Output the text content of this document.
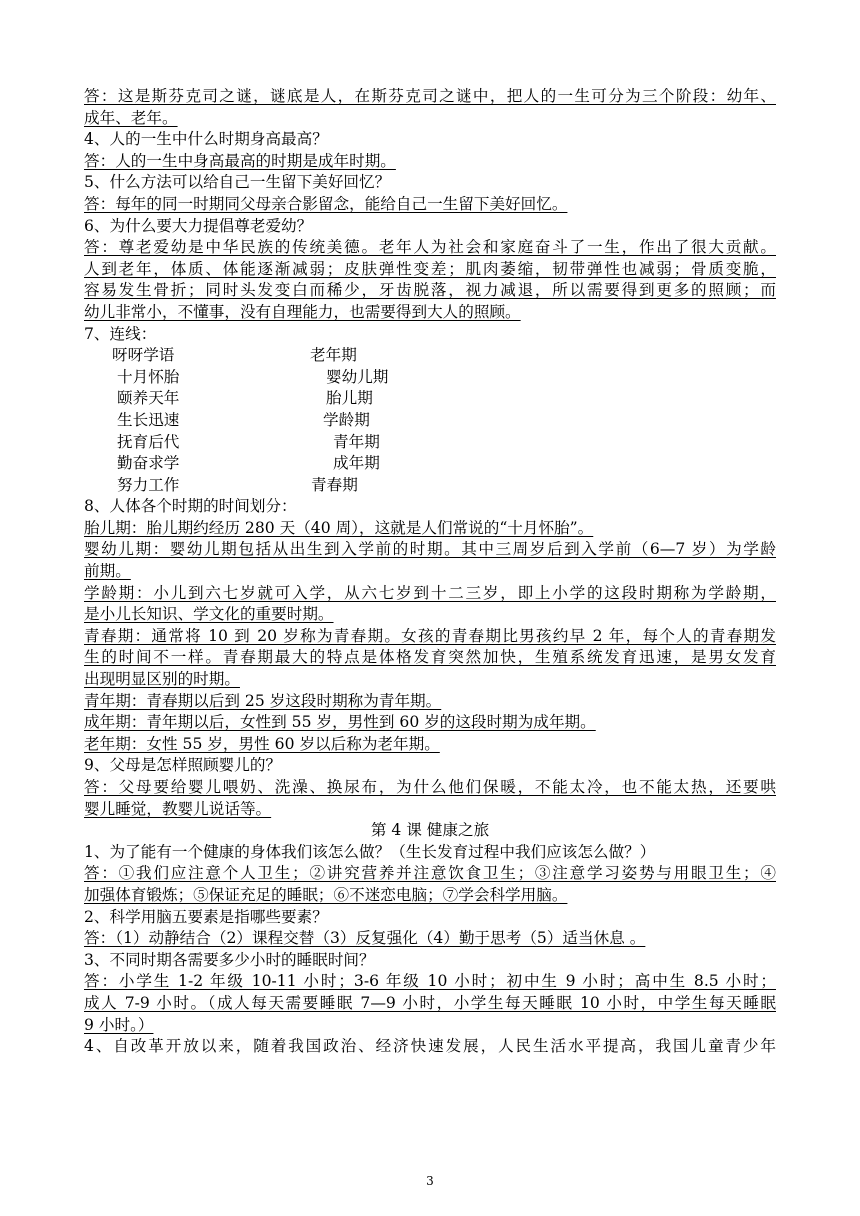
答：这是斯芬克司之谜，谜底是人，在斯芬克司之谜中，把人的一生可分为三个阶段：幼年、
成年、老年。
4、人的一生中什么时期身高最高？
答：人的一生中身高最高的时期是成年时期。
5、什么方法可以给自己一生留下美好回忆？
答：每年的同一时期同父母亲合影留念，能给自己一生留下美好回忆。
6、为什么要大力提倡尊老爱幼？
答：尊老爱幼是中华民族的传统美德。老年人为社会和家庭奋斗了一生，作出了很大贡献。
人到老年，体质、体能逐渐减弱；皮肤弹性变差；肌肉萎缩，韧带弹性也减弱；骨质变脆，
容易发生骨折；同时头发变白而稀少，牙齿脱落，视力减退，所以需要得到更多的照顾；而
幼儿非常小，不懂事，没有自理能力，也需要得到大人的照顾。
7、连线：
呀呀学语	老年期
十月怀胎	婴幼儿期
颐养天年	胎儿期
生长迅速	学龄期
抚育后代	青年期
勤奋求学	成年期
努力工作	青春期
8、人体各个时期的时间划分：
胎儿期：胎儿期约经历 280 天（40 周），这就是人们常说的“十月怀胎”。
婴幼儿期：婴幼儿期包括从出生到入学前的时期。其中三周岁后到入学前（6—7 岁）为学龄
前期。
学龄期：小儿到六七岁就可入学，从六七岁到十二三岁，即上小学的这段时期称为学龄期，
是小儿长知识、学文化的重要时期。
青春期：通常将 10 到 20 岁称为青春期。女孩的青春期比男孩约早 2 年，每个人的青春期发
生的时间不一样。青春期最大的特点是体格发育突然加快，生殖系统发育迅速，是男女发育
出现明显区别的时期。
青年期：青春期以后到 25 岁这段时期称为青年期。
成年期：青年期以后，女性到 55 岁，男性到 60 岁的这段时期为成年期。
老年期：女性 55 岁，男性 60 岁以后称为老年期。
9、父母是怎样照顾婴儿的？
答：父母要给婴儿喂奶、洗澡、换尿布，为什么他们保暖，不能太冷，也不能太热，还要哄
婴儿睡觉，教婴儿说话等。
第 4 课 健康之旅
1、为了能有一个健康的身体我们该怎么做？（生长发育过程中我们应该怎么做？）
答：①我们应注意个人卫生；②讲究营养并注意饮食卫生；③注意学习姿势与用眼卫生；④
加强体育锻炼；⑤保证充足的睡眠；⑥不迷恋电脑；⑦学会科学用脑。
2、科学用脑五要素是指哪些要素？
答：（1）动静结合（2）课程交替（3）反复强化（4）勤于思考（5）适当休息 。
3、不同时期各需要多少小时的睡眠时间？
答：小学生 1-2 年级 10-11 小时；3-6 年级 10 小时；初中生 9 小时；高中生 8.5 小时；
成人 7-9 小时。（成人每天需要睡眠 7—9 小时，小学生每天睡眠 10 小时，中学生每天睡眠
9 小时。）
4、自改革开放以来，随着我国政治、经济快速发展，人民生活水平提高，我国儿童青少年
3
